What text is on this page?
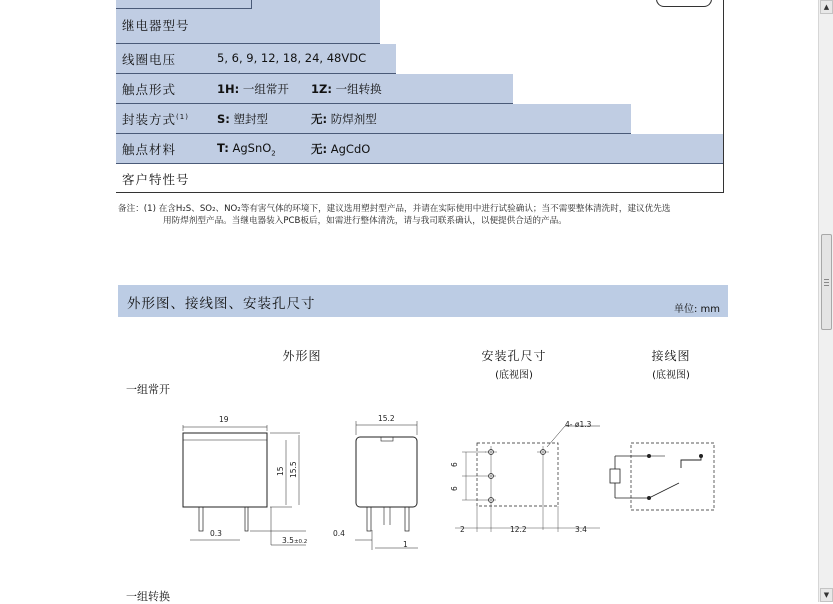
继电器型号
线圈电压	5, 6, 9, 12, 18, 24, 48VDC
触点形式	1H: 一组常开 1Z: 一组转换
封装方式$^{(1)}$ S: 塑封型	无: 防焊剂型
触点材料	T: AgSnO$_2$	无: AgCdO
客户特性号
备注：(1) 在含H₂S、SO₂、NO₂等有害气体的环境下，建议选用塑封型产品，并请在实际使用中进行试验确认；当不需要整体清洗时，建议优先选
用防焊剂型产品。当继电器装入PCB板后，如需进行整体清洗，请与我司联系确认，以便提供合适的产品。
外形图、接线图、安装孔尺寸	单位: mm
外形图	安装孔尺寸
(底视图)
接线图
(底视图)
一组常开
一组转换
19	15.2
15 15.5
0.3
3.5±0.2
0.4
1
4- ø1.3
6
6
2	12.2	3.4
▲
▼
